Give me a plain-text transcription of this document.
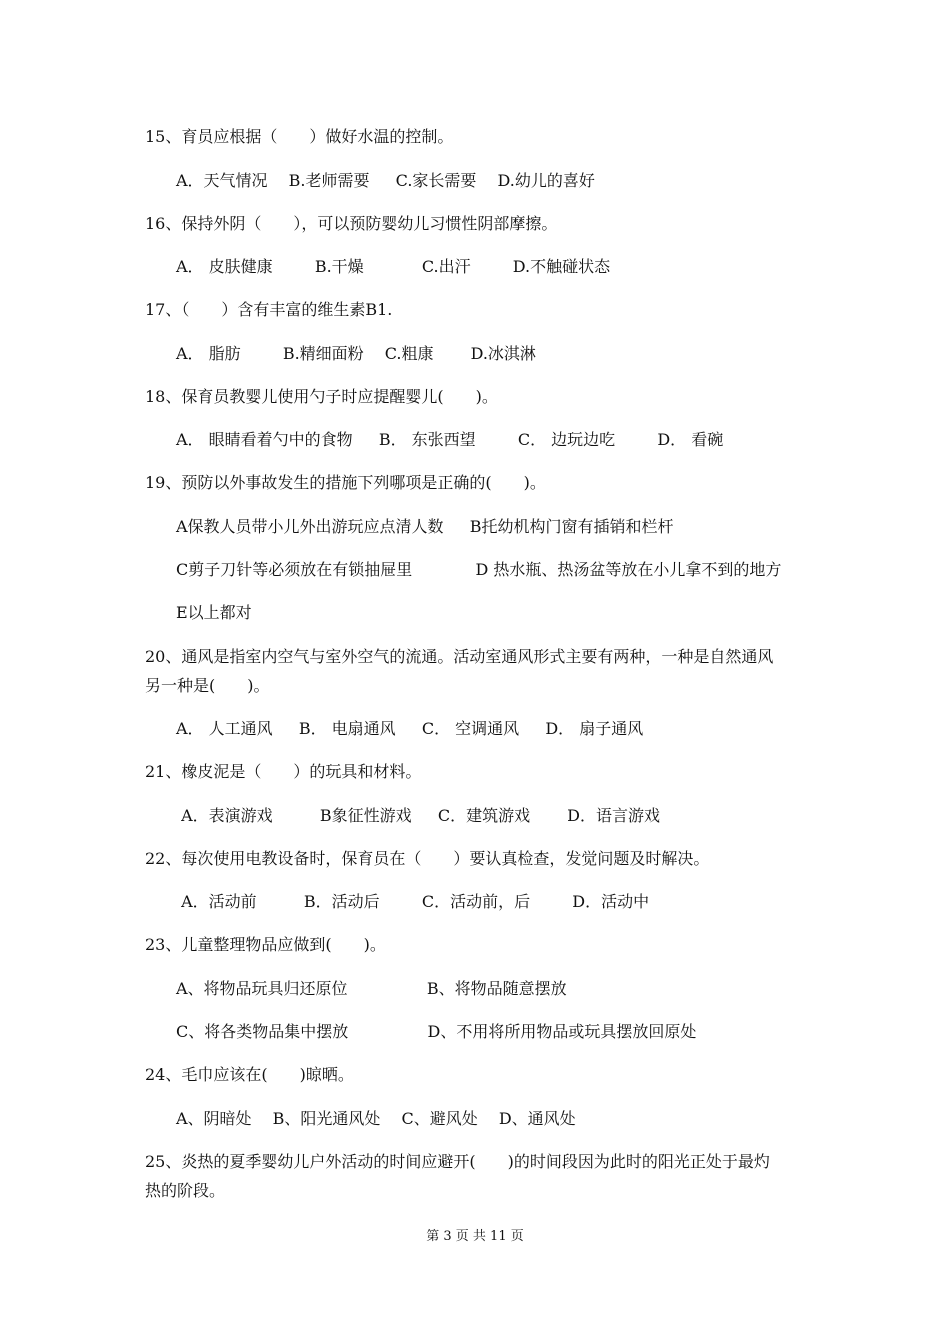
15、育员应根据（　　）做好水温的控制。
A．天气情况　 B.老师需要 　 C.家长需要 　D.幼儿的喜好
16、保持外阴（　　），可以预防婴幼儿习惯性阴部摩擦。
A． 皮肤健康 　　 B.干燥 　　　 C.出汗 　　 D.不触碰状态
17、（　　）含有丰富的维生素B1.
A． 脂肪 　　 B.精细面粉 　C.粗康 　　D.冰淇淋
18、保育员教婴儿使用勺子时应提醒婴儿(　　)。
A． 眼睛看着勺中的食物 　 B． 东张西望 　　 C． 边玩边吃 　 　D． 看碗
19、预防以外事故发生的措施下列哪项是正确的(　　)。
A保教人员带小儿外出游玩应点清人数 　 B托幼机构门窗有插销和栏杆
C剪子刀针等必须放在有锁抽屉里 　　 　 D 热水瓶、热汤盆等放在小儿拿不到的地方
E以上都对
20、通风是指室内空气与室外空气的流通。活动室通风形式主要有两种，一种是自然通风
另一种是(　　)。
A． 人工通风 　 B． 电扇通风 　 C． 空调通风 　 D． 扇子通风
21、橡皮泥是（　　）的玩具和材料。
A．表演游戏 　 　 B象征性游戏 　 C．建筑游戏 　　D．语言游戏
22、每次使用电教设备时，保育员在（　　）要认真检查，发觉问题及时解决。
A．活动前 　 　 B．活动后 　 　C．活动前，后 　 　D．活动中
23、儿童整理物品应做到(　　)。
A、将物品玩具归还原位 　 　　　 B、将物品随意摆放
C、将各类物品集中摆放 　 　　　 D、不用将所用物品或玩具摆放回原处
24、毛巾应该在(　　)晾晒。
A、阴暗处　 B、阳光通风处　 C、避风处　 D、通风处
25、炎热的夏季婴幼儿户外活动的时间应避开(　　)的时间段因为此时的阳光正处于最灼
热的阶段。
第 3 页 共 11 页
